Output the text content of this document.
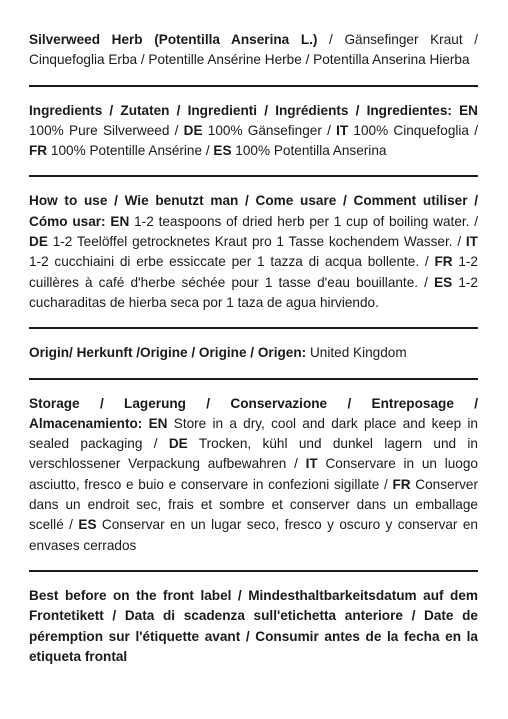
Silverweed Herb (Potentilla Anserina L.) / Gänsefinger Kraut / Cinquefoglia Erba / Potentille Ansérine Herbe / Potentilla Anserina Hierba
Ingredients / Zutaten / Ingredienti / Ingrédients / Ingredientes: EN 100% Pure Silverweed / DE 100% Gänsefinger / IT 100% Cinquefoglia / FR 100% Potentille Ansérine / ES 100% Potentilla Anserina
How to use / Wie benutzt man / Come usare / Comment utiliser / Cómo usar: EN 1-2 teaspoons of dried herb per 1 cup of boiling water. / DE 1-2 Teelöffel getrocknetes Kraut pro 1 Tasse kochendem Wasser. / IT 1-2 cucchiaini di erbe essiccate per 1 tazza di acqua bollente. / FR 1-2 cuillères à café d'herbe séchée pour 1 tasse d'eau bouillante. / ES 1-2 cucharaditas de hierba seca por 1 taza de agua hirviendo.
Origin/ Herkunft /Origine / Origine / Origen: United Kingdom
Storage / Lagerung / Conservazione / Entreposage / Almacenamiento: EN Store in a dry, cool and dark place and keep in sealed packaging / DE Trocken, kühl und dunkel lagern und in verschlossener Verpackung aufbewahren / IT Conservare in un luogo asciutto, fresco e buio e conservare in confezioni sigillate / FR Conserver dans un endroit sec, frais et sombre et conserver dans un emballage scellé / ES Conservar en un lugar seco, fresco y oscuro y conservar en envases cerrados
Best before on the front label / Mindesthaltbarkeitsdatum auf dem Frontetikett / Data di scadenza sull'etichetta anteriore / Date de péremption sur l'étiquette avant / Consumir antes de la fecha en la etiqueta frontal
